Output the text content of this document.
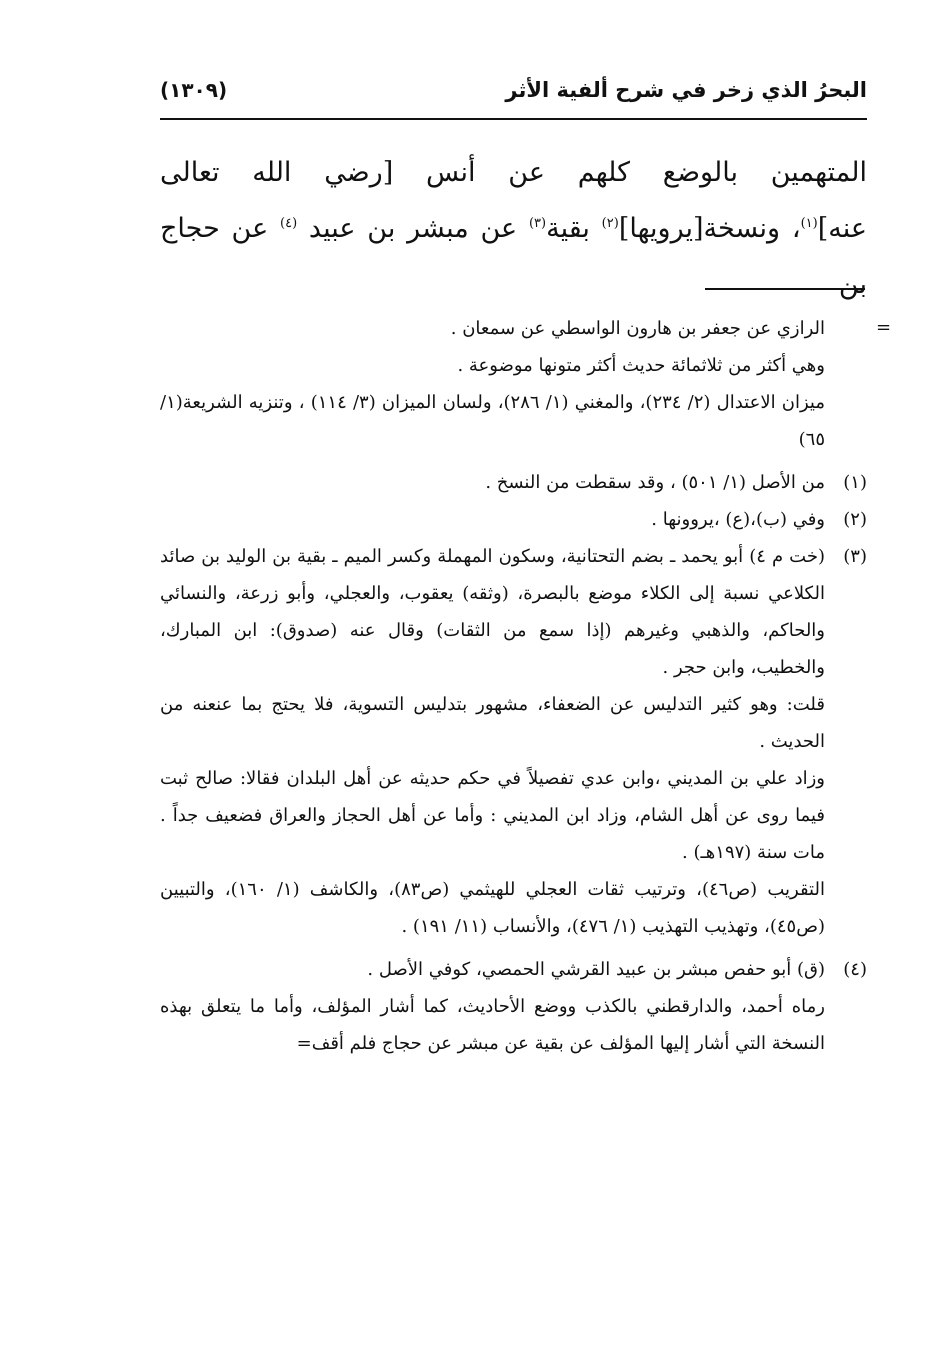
البحرُ الذي زخر في شرح ألفية الأثر
(١٣٠٩)

المتهمين بالوضع كلهم عن أنس [رضي الله تعالى

عنه]$^{(١)}$، ونسخة[يرويها]$^{(٢)}$ بقية$^{(٣)}$ عن مبشر بن عبيد $^{(٤)}$ عن حجاج بن

=

الرازي عن جعفر بن هارون الواسطي عن سمعان .

وهي أكثر من ثلاثمائة حديث أكثر متونها موضوعة .

ميزان الاعتدال (٢/ ٢٣٤)، والمغني (١/ ٢٨٦)، ولسان الميزان (٣/ ١١٤) ، وتنزيه الشريعة(١/ ٦٥)

(١)

من الأصل (١/ ٥٠١) ، وقد سقطت من النسخ .

(٢)

وفي (ب)،(ع) ،يروونها .

(٣)

(خت م ٤) أبو يحمد ـ بضم التحتانية، وسكون المهملة وكسر الميم ـ بقية بن الوليد بن صائد الكلاعي نسبة إلى الكلاء موضع بالبصرة، (وثقه) يعقوب، والعجلي، وأبو زرعة، والنسائي والحاكم، والذهبي وغيرهم (إذا سمع من الثقات) وقال عنه (صدوق): ابن المبارك، والخطيب، وابن حجر .

قلت: وهو كثير التدليس عن الضعفاء، مشهور بتدليس التسوية، فلا يحتج بما عنعنه من الحديث .

وزاد علي بن المديني ،وابن عدي تفصيلاً في حكم حديثه عن أهل البلدان فقالا: صالح ثبت فيما روى عن أهل الشام، وزاد ابن المديني : وأما عن أهل الحجاز والعراق فضعيف جداً . مات سنة (١٩٧هـ) .

التقريب (ص٤٦)، وترتيب ثقات العجلي للهيثمي (ص٨٣)، والكاشف (١/ ١٦٠)، والتبيين (ص٤٥)، وتهذيب التهذيب (١/ ٤٧٦)، والأنساب (١١/ ١٩١) .

(٤)

(ق) أبو حفص مبشر بن عبيد القرشي الحمصي، كوفي الأصل .

رماه أحمد، والدارقطني بالكذب ووضع الأحاديث، كما أشار المؤلف، وأما ما يتعلق بهذه النسخة التي أشار إليها المؤلف عن بقية عن مبشر عن حجاج فلم أقف=
